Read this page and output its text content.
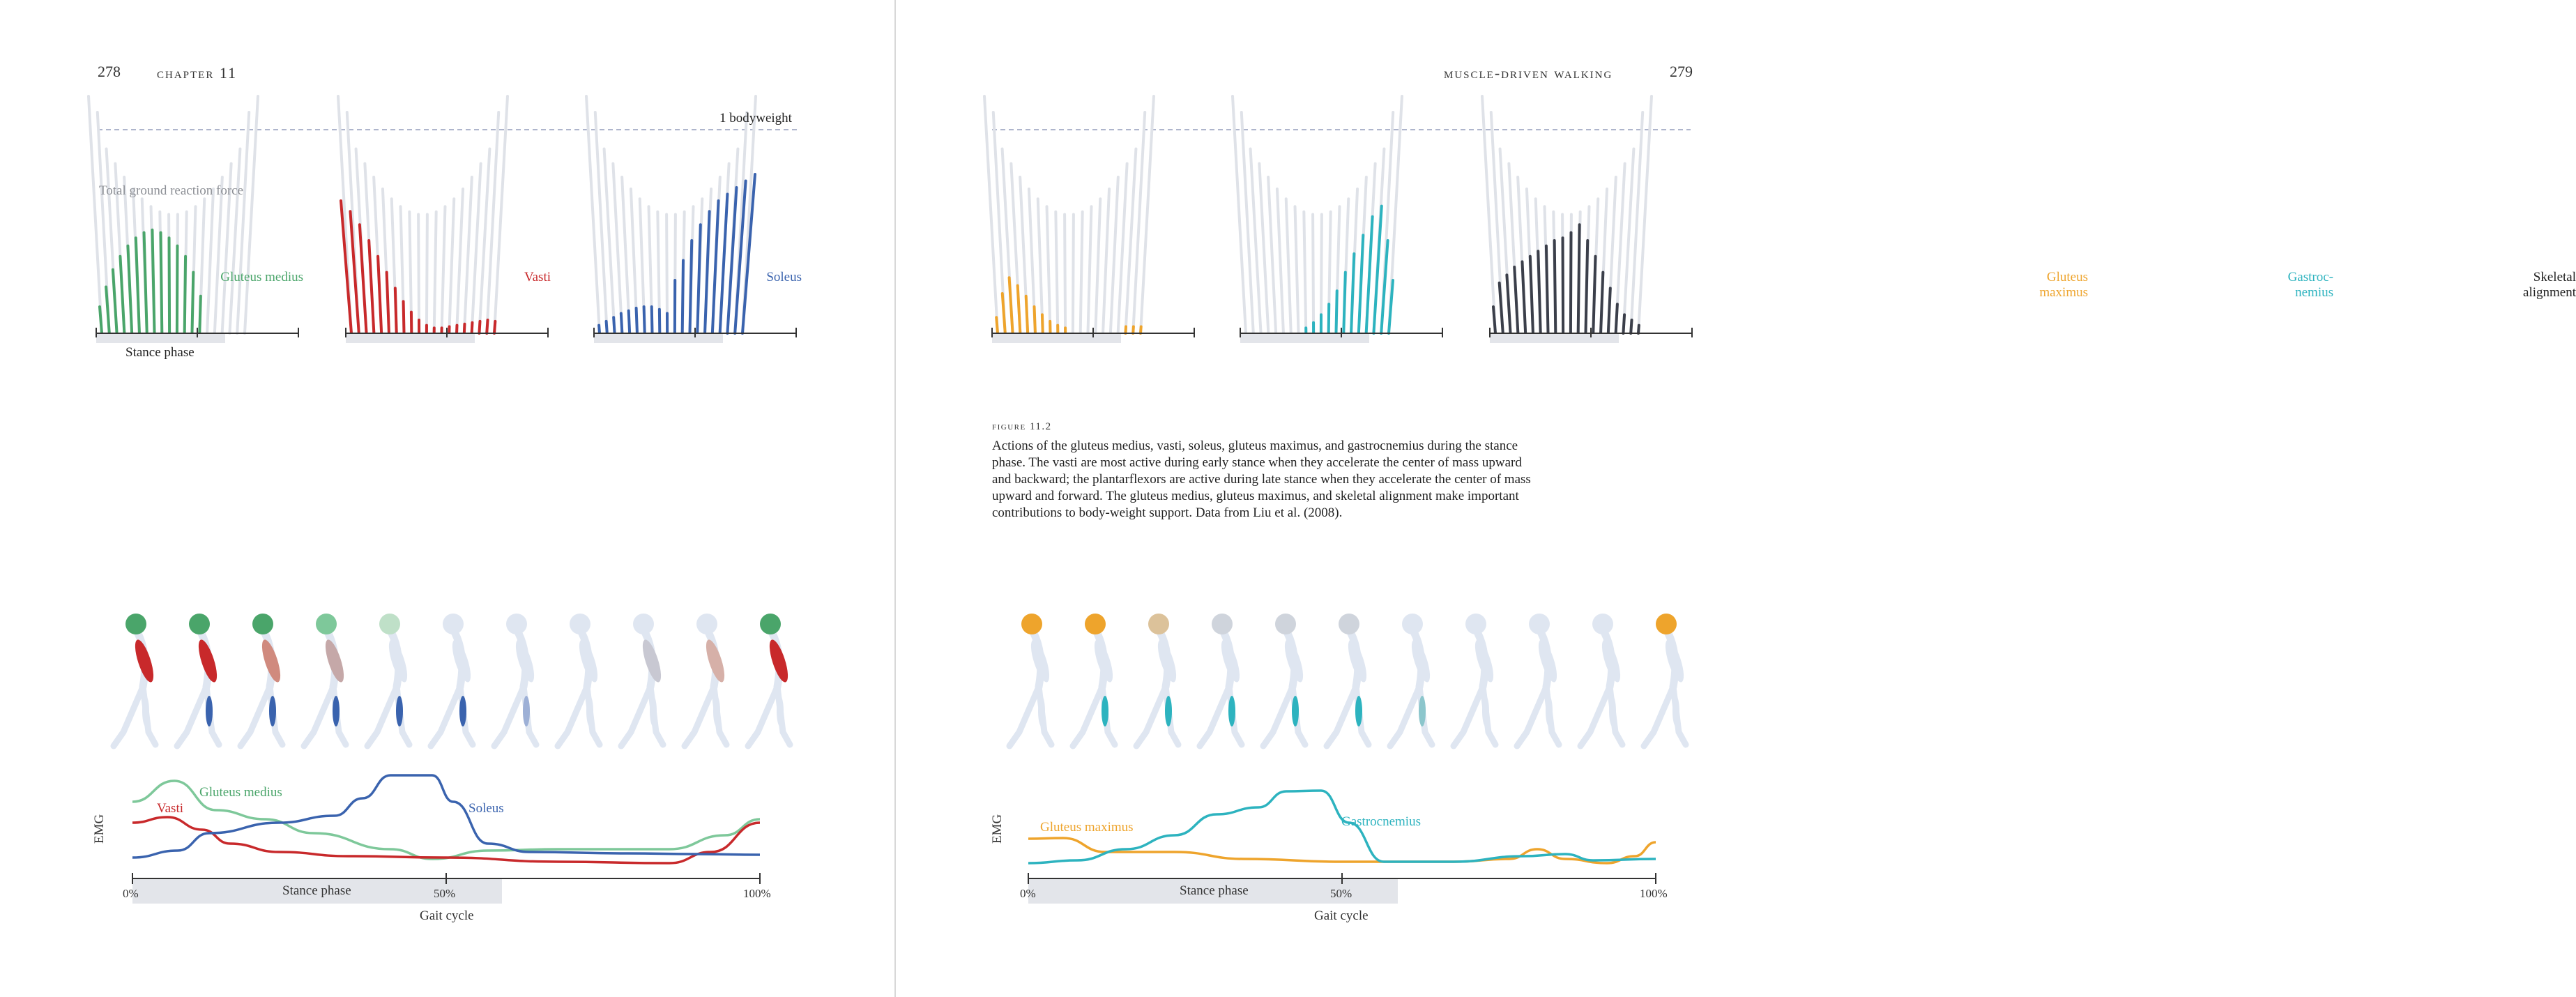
278 chapter 11
1 bodyweight
Total ground reaction force
Stance phase
Gluteus medius	Vasti	Soleus
Gluteus medius
Vasti	Soleus
EMG
0%	Stance phase	50%	100%
Gait cycle
279
muscle-driven walking
Gluteus
maximus
Gastroc-
nemius
Skeletal
alignment
figure 11.2
Actions of the gluteus medius, vasti, soleus, gluteus maximus, and gastrocnemius during the stance
phase. The vasti are most active during early stance when they accelerate the center of mass upward
and backward; the plantarflexors are active during late stance when they accelerate the center of mass
upward and forward. The gluteus medius, gluteus maximus, and skeletal alignment make important
contributions to body-weight support. Data from Liu et al. (2008).
Gluteus maximus	Gastrocnemius
EMG
0%	Stance phase	50%	100%
Gait cycle
